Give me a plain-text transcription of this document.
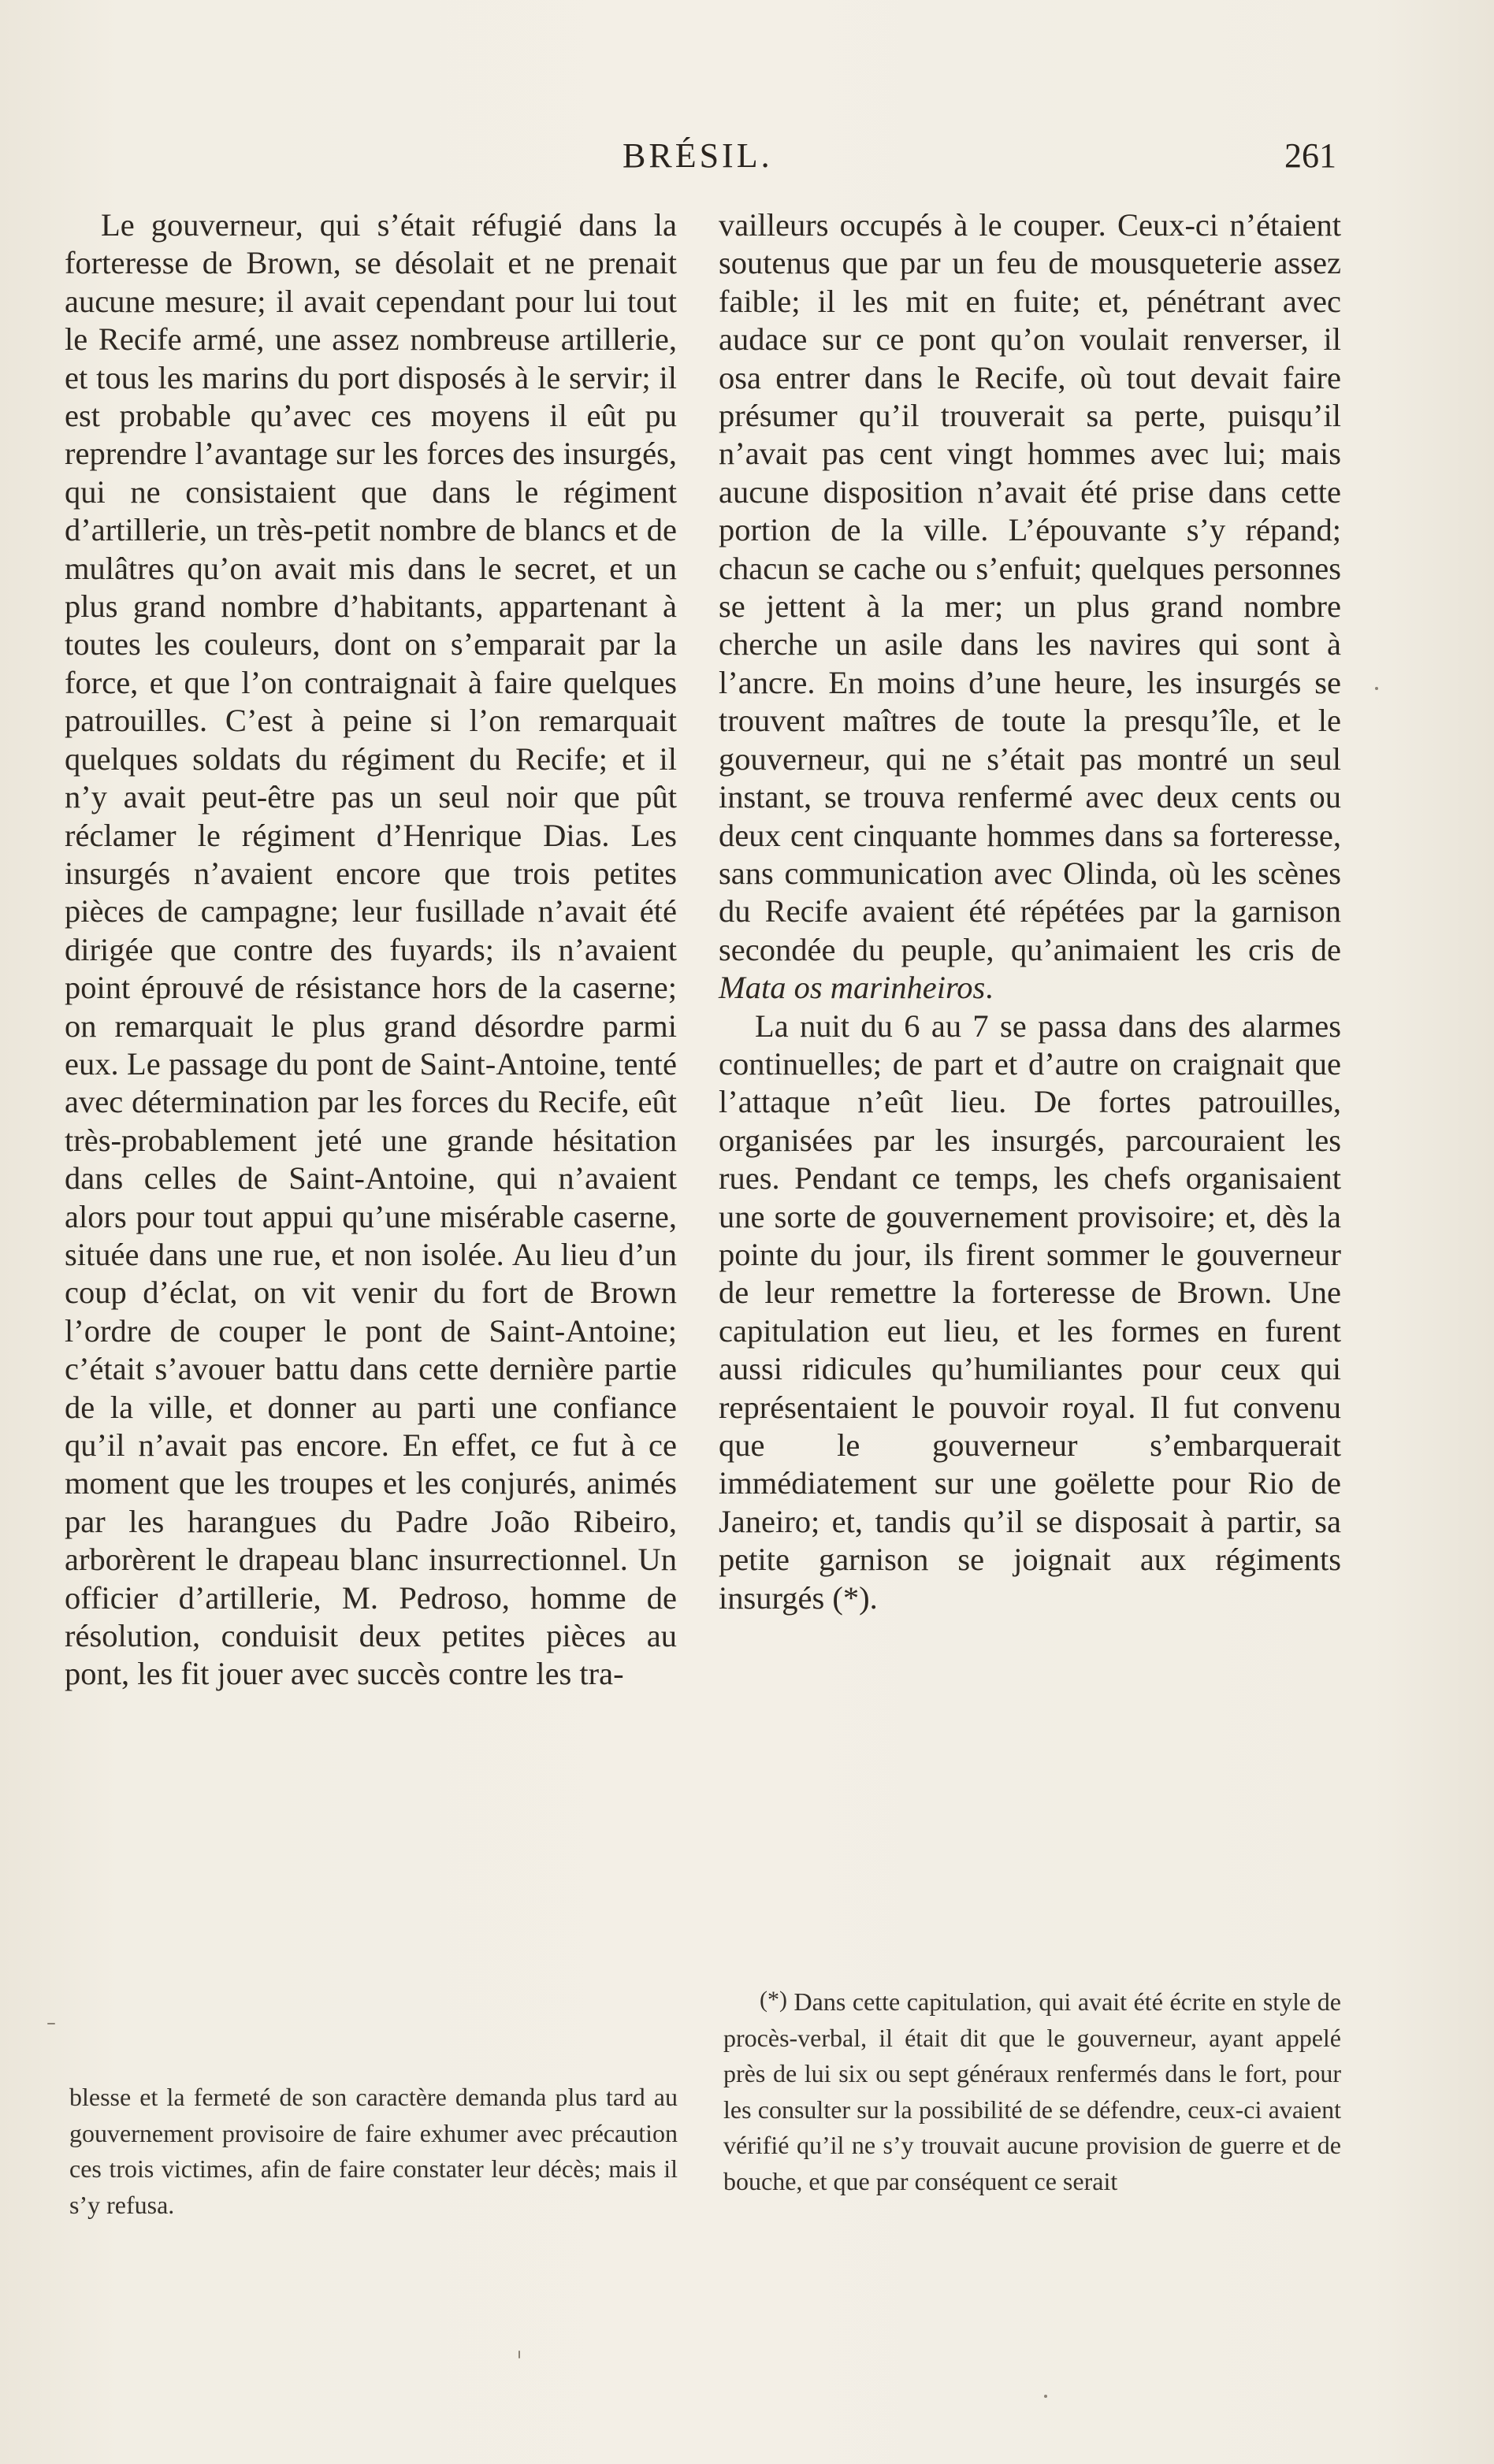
BRÉSIL.	261

Le gouverneur, qui s’était réfugié dans la forteresse de Brown, se désolait et ne prenait aucune mesure; il avait cependant pour lui tout le Recife armé, une assez nombreuse artillerie, et tous les marins du port disposés à le servir; il est probable qu’avec ces moyens il eût pu reprendre l’avantage sur les forces des insurgés, qui ne consistaient que dans le régiment d’artillerie, un très-petit nombre de blancs et de mulâtres qu’on avait mis dans le secret, et un plus grand nombre d’habitants, appartenant à toutes les couleurs, dont on s’emparait par la force, et que l’on contraignait à faire quelques patrouilles. C’est à peine si l’on remarquait quelques soldats du régiment du Recife; et il n’y avait peut-être pas un seul noir que pût réclamer le régiment d’Henrique Dias. Les insurgés n’avaient encore que trois petites pièces de campagne; leur fusillade n’avait été dirigée que contre des fuyards; ils n’avaient point éprouvé de résistance hors de la caserne; on remarquait le plus grand désordre parmi eux. Le passage du pont de Saint-Antoine, tenté avec détermination par les forces du Recife, eût très-probablement jeté une grande hésitation dans celles de Saint-Antoine, qui n’avaient alors pour tout appui qu’une misérable caserne, située dans une rue, et non isolée. Au lieu d’un coup d’éclat, on vit venir du fort de Brown l’ordre de couper le pont de Saint-Antoine; c’était s’avouer battu dans cette dernière partie de la ville, et donner au parti une confiance qu’il n’avait pas encore. En effet, ce fut à ce moment que les troupes et les conjurés, animés par les harangues du Padre João Ribeiro, arborèrent le drapeau blanc insurrectionnel. Un officier d’artillerie, M. Pedroso, homme de résolution, conduisit deux petites pièces au pont, les fit jouer avec succès contre les tra-

vailleurs occupés à le couper. Ceux-ci n’étaient soutenus que par un feu de mousqueterie assez faible; il les mit en fuite; et, pénétrant avec audace sur ce pont qu’on voulait renverser, il osa entrer dans le Recife, où tout devait faire présumer qu’il trouverait sa perte, puisqu’il n’avait pas cent vingt hommes avec lui; mais aucune disposition n’avait été prise dans cette portion de la ville. L’épouvante s’y répand; chacun se cache ou s’enfuit; quelques personnes se jettent à la mer; un plus grand nombre cherche un asile dans les navires qui sont à l’ancre. En moins d’une heure, les insurgés se trouvent maîtres de toute la presqu’île, et le gouverneur, qui ne s’était pas montré un seul instant, se trouva renfermé avec deux cents ou deux cent cinquante hommes dans sa forteresse, sans communication avec Olinda, où les scènes du Recife avaient été répétées par la garnison secondée du peuple, qu’animaient les cris de Mata os marinheiros.

La nuit du 6 au 7 se passa dans des alarmes continuelles; de part et d’autre on craignait que l’attaque n’eût lieu. De fortes patrouilles, organisées par les insurgés, parcouraient les rues. Pendant ce temps, les chefs organisaient une sorte de gouvernement provisoire; et, dès la pointe du jour, ils firent sommer le gouverneur de leur remettre la forteresse de Brown. Une capitulation eut lieu, et les formes en furent aussi ridicules qu’humiliantes pour ceux qui représentaient le pouvoir royal. Il fut convenu que le gouverneur s’embarquerait immédiatement sur une goëlette pour Rio de Janeiro; et, tandis qu’il se disposait à partir, sa petite garnison se joignait aux régiments insurgés (*).

blesse et la fermeté de son caractère demanda plus tard au gouvernement provisoire de faire exhumer avec précaution ces trois victimes, afin de faire constater leur décès; mais il s’y refusa.

(*) Dans cette capitulation, qui avait été écrite en style de procès-verbal, il était dit que le gouverneur, ayant appelé près de lui six ou sept généraux renfermés dans le fort, pour les consulter sur la possibilité de se défendre, ceux-ci avaient vérifié qu’il ne s’y trouvait aucune provision de guerre et de bouche, et que par conséquent ce serait
